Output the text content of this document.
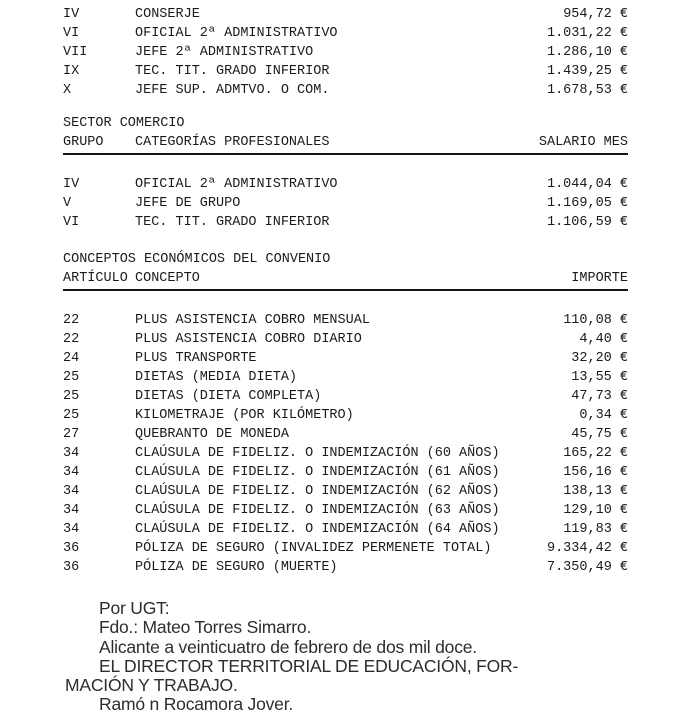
IV	CONSERJE	954,72 €
VI	OFICIAL 2ª ADMINISTRATIVO	1.031,22 €
VII	JEFE 2ª ADMINISTRATIVO	1.286,10 €
IX	TEC. TIT. GRADO INFERIOR	1.439,25 €
X	JEFE SUP. ADMTVO. O COM.	1.678,53 €
SECTOR COMERCIO
GRUPO	CATEGORÍAS PROFESIONALES	SALARIO MES
IV	OFICIAL 2ª ADMINISTRATIVO	1.044,04 €
V	JEFE DE GRUPO	1.169,05 €
VI	TEC. TIT. GRADO INFERIOR	1.106,59 €
CONCEPTOS ECONÓMICOS DEL CONVENIO
ARTÍCULO CONCEPTO	IMPORTE
22	PLUS ASISTENCIA COBRO MENSUAL	110,08 €
22	PLUS ASISTENCIA COBRO DIARIO	4,40 €
24	PLUS TRANSPORTE	32,20 €
25	DIETAS (MEDIA DIETA)	13,55 €
25	DIETAS (DIETA COMPLETA)	47,73 €
25	KILOMETRAJE (POR KILÓMETRO)	0,34 €
27	QUEBRANTO DE MONEDA	45,75 €
34	CLAÚSULA DE FIDELIZ. O INDEMIZACIÓN (60 AÑOS)	165,22 €
34	CLAÚSULA DE FIDELIZ. O INDEMIZACIÓN (61 AÑOS)	156,16 €
34	CLAÚSULA DE FIDELIZ. O INDEMIZACIÓN (62 AÑOS)	138,13 €
34	CLAÚSULA DE FIDELIZ. O INDEMIZACIÓN (63 AÑOS)	129,10 €
34	CLAÚSULA DE FIDELIZ. O INDEMIZACIÓN (64 AÑOS)	119,83 €
36	PÓLIZA DE SEGURO (INVALIDEZ PERMENETE TOTAL)	9.334,42 €
36	PÓLIZA DE SEGURO (MUERTE)	7.350,49 €
Por UGT:
Fdo.: Mateo Torres Simarro.
Alicante a veinticuatro de febrero de dos mil doce.
EL DIRECTOR TERRITORIAL DE EDUCACIÓN, FOR-
MACIÓN Y TRABAJO.
Ramó n Rocamora Jover.
